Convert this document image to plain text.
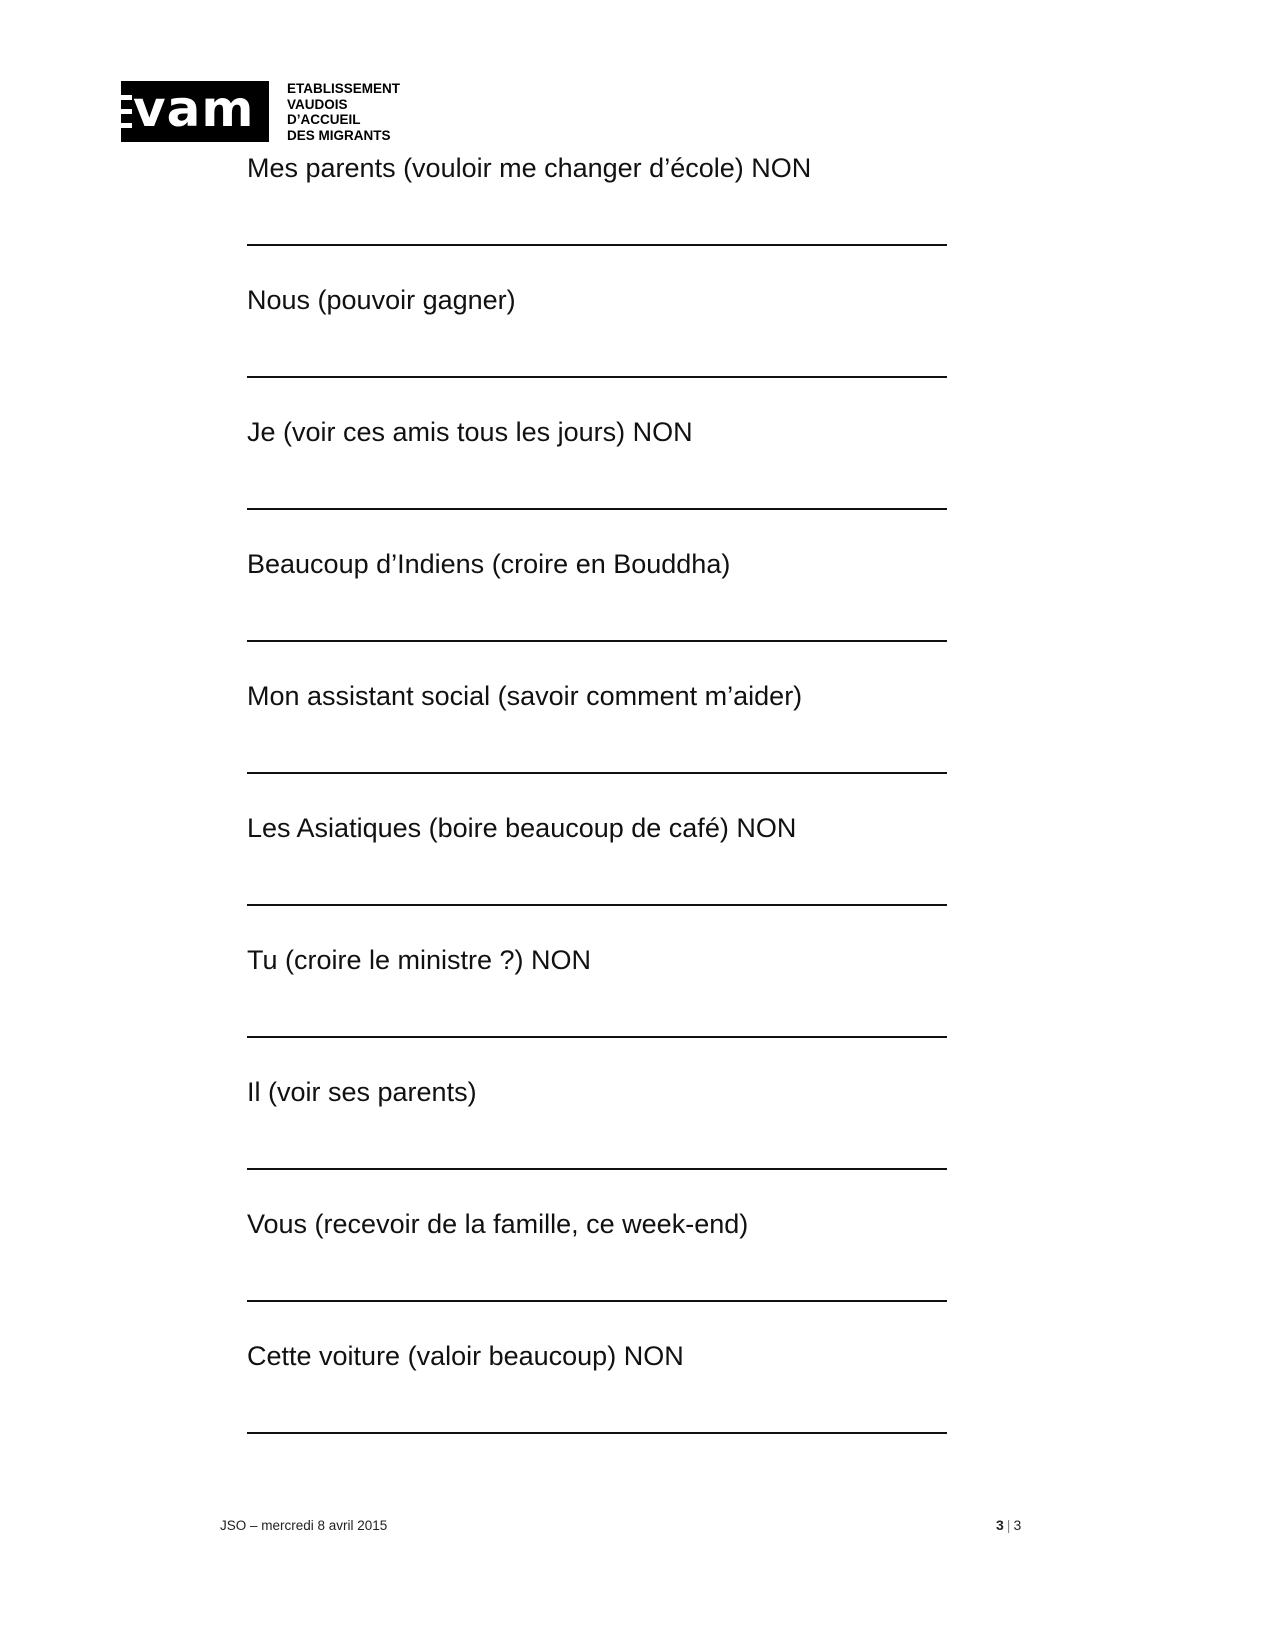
vam ETABLISSEMENT
VAUDOIS
D’ACCUEIL
DES MIGRANTS
Mes parents (vouloir me changer d’école) NON
Nous (pouvoir gagner)
Je (voir ces amis tous les jours) NON
Beaucoup d’Indiens (croire en Bouddha)
Mon assistant social (savoir comment m’aider)
Les Asiatiques (boire beaucoup de café) NON
Tu (croire le ministre ?) NON
Il (voir ses parents)
Vous (recevoir de la famille, ce week-end)
Cette voiture (valoir beaucoup) NON
JSO – mercredi 8 avril 2015	3 | 3
